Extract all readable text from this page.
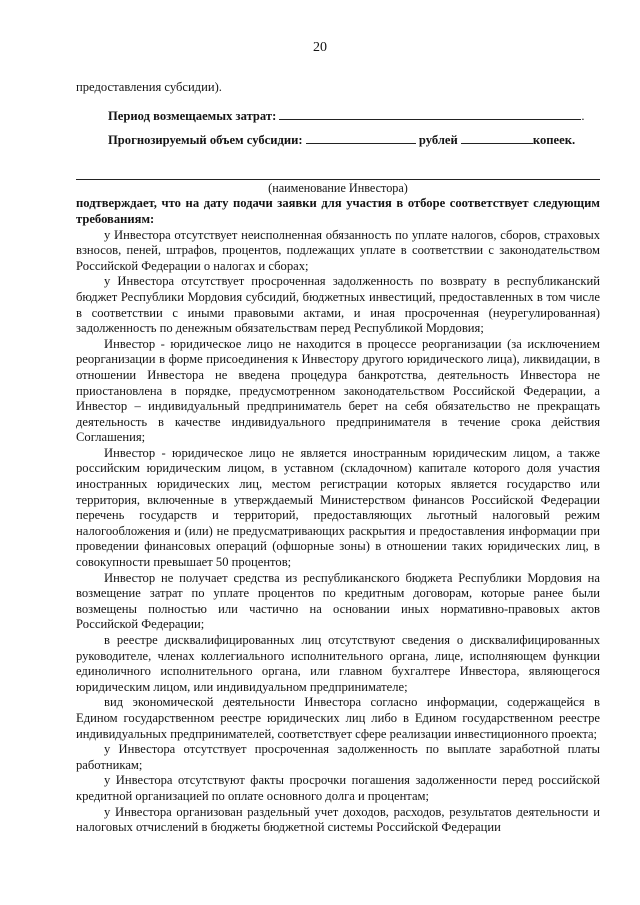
20

предоставления субсидии).

Период возмещаемых затрат:	.
Прогнозируемый объем субсидии:	рублей	копеек.
(наименование Инвестора)

подтверждает, что на дату подачи заявки для участия в отборе соответствует следующим требованиям:

у Инвестора отсутствует неисполненная обязанность по уплате налогов, сборов, страховых взносов, пеней, штрафов, процентов, подлежащих уплате в соответствии с законодательством Российской Федерации о налогах и сборах;

у Инвестора отсутствует просроченная задолженность по возврату в республиканский бюджет Республики Мордовия субсидий, бюджетных инвестиций, предоставленных в том числе в соответствии с иными правовыми актами, и иная просроченная (неурегулированная) задолженность по денежным обязательствам перед Республикой Мордовия;

Инвестор - юридическое лицо не находится в процессе реорганизации (за исключением реорганизации в форме присоединения к Инвестору другого юридического лица), ликвидации, в отношении Инвестора не введена процедура банкротства, деятельность Инвестора не приостановлена в порядке, предусмотренном законодательством Российской Федерации, а Инвестор – индивидуальный предприниматель берет на себя обязательство не прекращать деятельность в качестве индивидуального предпринимателя в течение срока действия Соглашения;

Инвестор - юридическое лицо не является иностранным юридическим лицом, а также российским юридическим лицом, в уставном (складочном) капитале которого доля участия иностранных юридических лиц, местом регистрации которых является государство или территория, включенные в утверждаемый Министерством финансов Российской Федерации перечень государств и территорий, предоставляющих льготный налоговый режим налогообложения и (или) не предусматривающих раскрытия и предоставления информации при проведении финансовых операций (офшорные зоны) в отношении таких юридических лиц, в совокупности превышает 50 процентов;

Инвестор не получает средства из республиканского бюджета Республики Мордовия на возмещение затрат по уплате процентов по кредитным договорам, которые ранее были возмещены полностью или частично на основании иных нормативно-правовых актов Российской Федерации;

в реестре дисквалифицированных лиц отсутствуют сведения о дисквалифицированных руководителе, членах коллегиального исполнительного органа, лице, исполняющем функции единоличного исполнительного органа, или главном бухгалтере Инвестора, являющегося юридическим лицом, или индивидуальном предпринимателе;

вид экономической деятельности Инвестора согласно информации, содержащейся в Едином государственном реестре юридических лиц либо в Едином государственном реестре индивидуальных предпринимателей, соответствует сфере реализации инвестиционного проекта;

у Инвестора отсутствует просроченная задолженность по выплате заработной платы работникам;

у Инвестора отсутствуют факты просрочки погашения задолженности перед российской кредитной организацией по оплате основного долга и процентам;

у Инвестора организован раздельный учет доходов, расходов, результатов деятельности и налоговых отчислений в бюджеты бюджетной системы Российской Федерации
